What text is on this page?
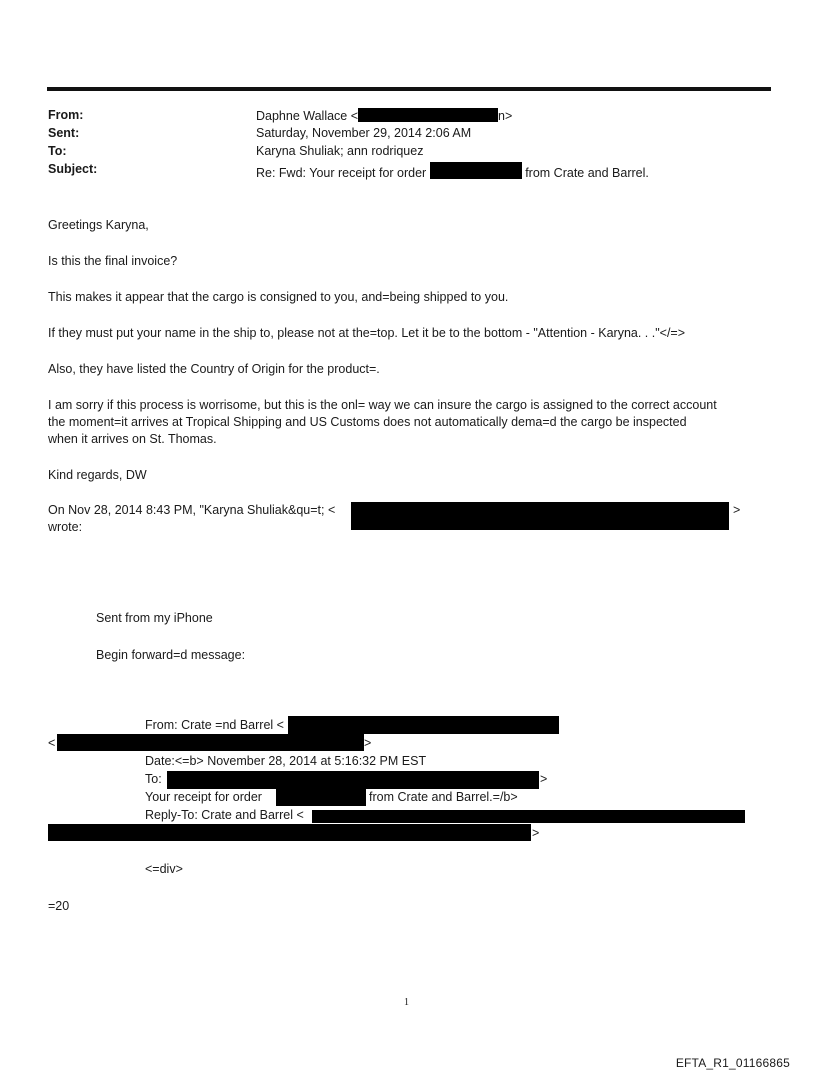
From:	Daphne Wallace <	n>
Sent:	Saturday, November 29, 2014 2:06 AM
To:	Karyna Shuliak; ann rodriquez
Subject:	Re: Fwd: Your receipt for order	from Crate and Barrel.
Greetings Karyna,
Is this the final invoice?
This makes it appear that the cargo is consigned to you, and=being shipped to you.
If they must put your name in the ship to, please not at the=top. Let it be to the bottom - "Attention - Karyna. . ."</=>
Also, they have listed the Country of Origin for the product=.
I am sorry if this process is worrisome, but this is the onl= way we can insure the cargo is assigned to the correct account
the moment=it arrives at Tropical Shipping and US Customs does not automatically dema=d the cargo be inspected
when it arrives on St. Thomas.
Kind regards, DW
On Nov 28, 2014 8:43 PM, "Karyna Shuliak&qu=t; <	>
wrote:
Sent from my iPhone
Begin forward=d message:
From: Crate =nd Barrel <
<	>
Date:<=b> November 28, 2014 at 5:16:32 PM EST
To:	>
Your receipt for order	from Crate and Barrel.=/b>
Reply-To: Crate and Barrel <
>
<=div>
=20
1
EFTA_R1_01166865
